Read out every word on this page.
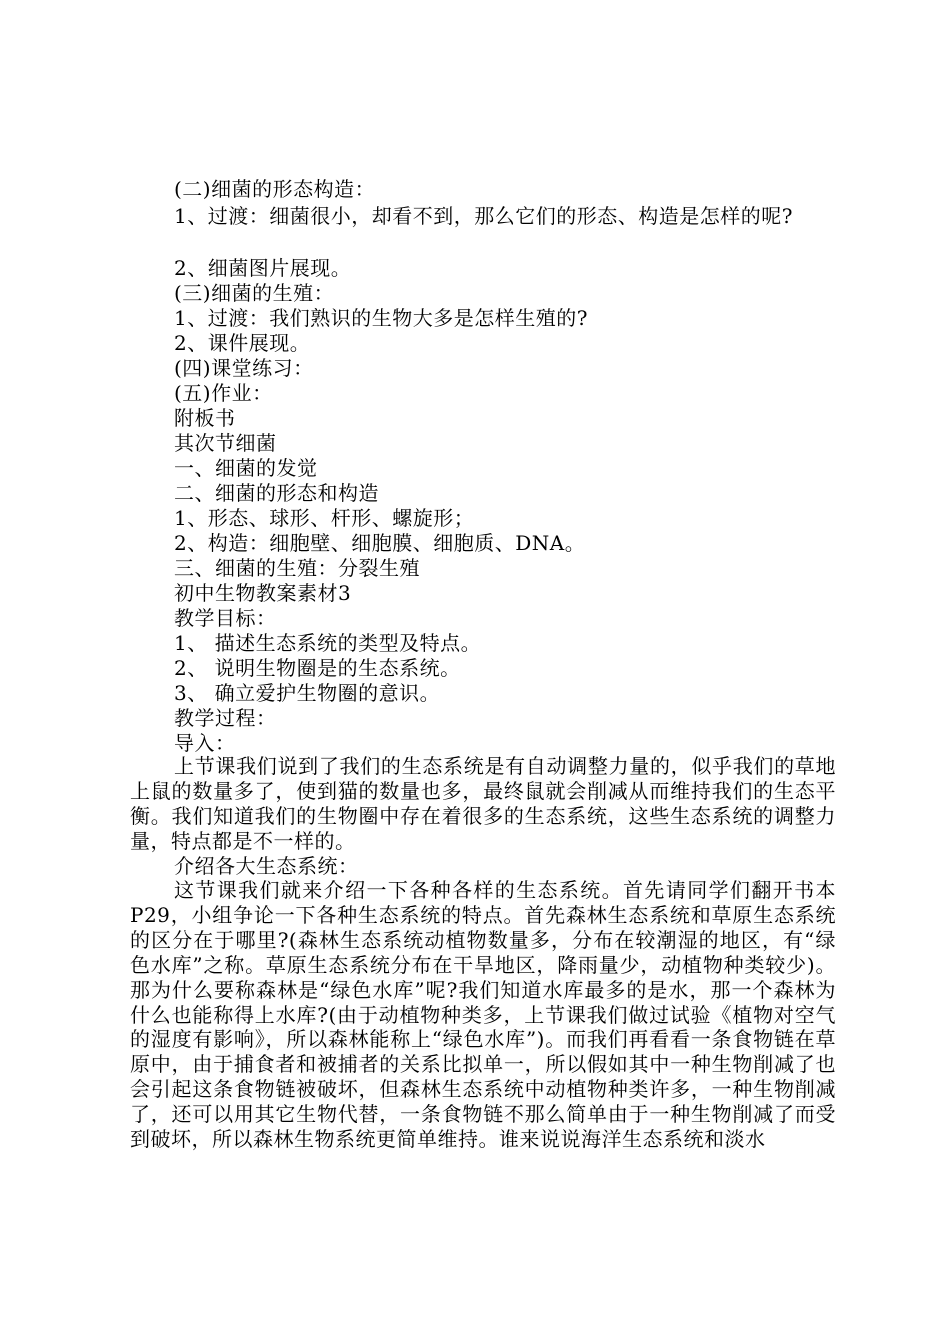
(二)细菌的形态构造：
1、过渡：细菌很小，却看不到，那么它们的形态、构造是怎样的呢?
2、细菌图片展现。
(三)细菌的生殖：
1、过渡：我们熟识的生物大多是怎样生殖的?
2、课件展现。
(四)课堂练习：
(五)作业：
附板书
其次节细菌
一、细菌的发觉
二、细菌的形态和构造
1、形态、球形、杆形、螺旋形；
2、构造：细胞壁、细胞膜、细胞质、DNA。
三、细菌的生殖：分裂生殖
初中生物教案素材3
教学目标：
1、 描述生态系统的类型及特点。
2、 说明生物圈是的生态系统。
3、 确立爱护生物圈的意识。
教学过程：
导入：
上节课我们说到了我们的生态系统是有自动调整力量的，似乎我们的草地上鼠的数量多了，使到猫的数量也多，最终鼠就会削减从而维持我们的生态平衡。我们知道我们的生物圈中存在着很多的生态系统，这些生态系统的调整力量，特点都是不一样的。
介绍各大生态系统：
这节课我们就来介绍一下各种各样的生态系统。首先请同学们翻开书本P29，小组争论一下各种生态系统的特点。首先森林生态系统和草原生态系统的区分在于哪里?(森林生态系统动植物数量多，分布在较潮湿的地区，有“绿色水库”之称。草原生态系统分布在干旱地区，降雨量少，动植物种类较少)。那为什么要称森林是“绿色水库”呢?我们知道水库最多的是水，那一个森林为什么也能称得上水库?(由于动植物种类多，上节课我们做过试验《植物对空气的湿度有影响》，所以森林能称上“绿色水库”)。而我们再看看一条食物链在草原中，由于捕食者和被捕者的关系比拟单一，所以假如其中一种生物削减了也会引起这条食物链被破坏，但森林生态系统中动植物种类许多，一种生物削减了，还可以用其它生物代替，一条食物链不那么简单由于一种生物削减了而受到破坏，所以森林生物系统更简单维持。谁来说说海洋生态系统和淡水
